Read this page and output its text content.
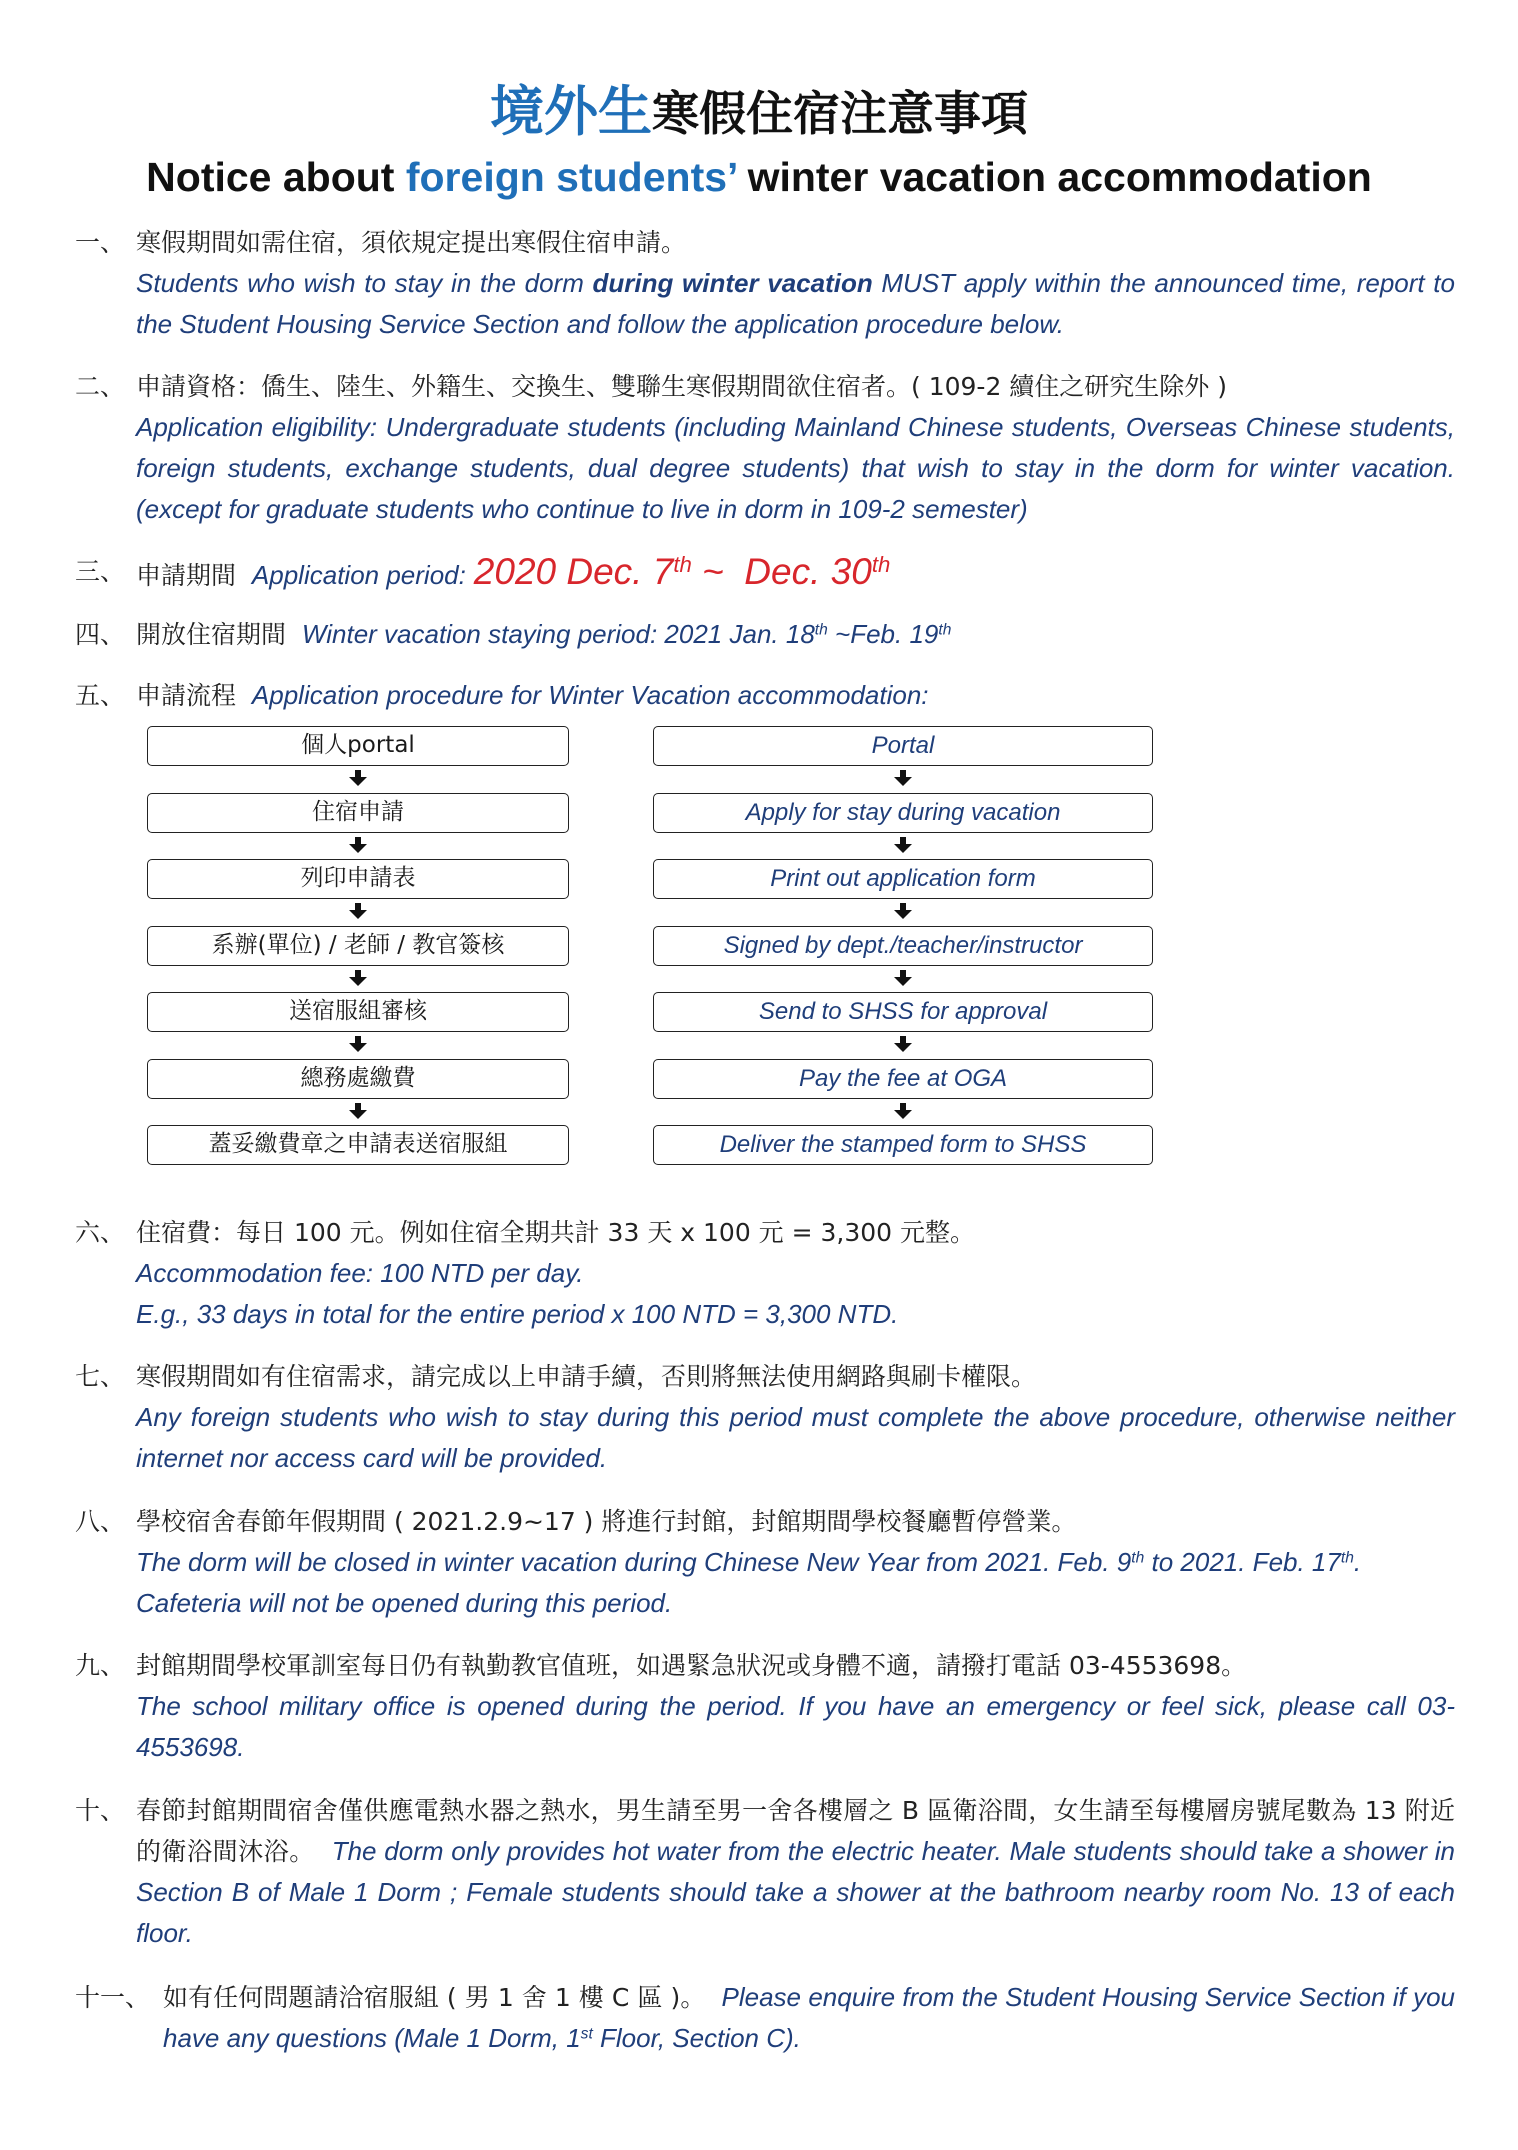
境外生寒假住宿注意事項
Notice about foreign students’ winter vacation accommodation
一、 寒假期間如需住宿，須依規定提出寒假住宿申請。
Students who wish to stay in the dorm during winter vacation MUST apply within the announced time, report to the Student Housing Service Section and follow the application procedure below.
二、 申請資格：僑生、陸生、外籍生、交換生、雙聯生寒假期間欲住宿者。( 109-2 續住之研究生除外 )
Application eligibility: Undergraduate students (including Mainland Chinese students, Overseas Chinese students, foreign students, exchange students, dual degree students) that wish to stay in the dorm for winter vacation. (except for graduate students who continue to live in dorm in 109-2 semester)
三、 申請期間 Application period: 2020 Dec. 7th ~  Dec. 30th
四、 開放住宿期間 Winter vacation staying period: 2021 Jan. 18th ~Feb. 19th
五、 申請流程 Application procedure for Winter Vacation accommodation:
六、 住宿費：每日 100 元。例如住宿全期共計 33 天 x 100 元 = 3,300 元整。
Accommodation fee: 100 NTD per day.
E.g., 33 days in total for the entire period x 100 NTD = 3,300 NTD.
七、 寒假期間如有住宿需求，請完成以上申請手續，否則將無法使用網路與刷卡權限。
Any foreign students who wish to stay during this period must complete the above procedure, otherwise neither internet nor access card will be provided.
八、 學校宿舍春節年假期間 ( 2021.2.9~17 ) 將進行封館，封館期間學校餐廳暫停營業。
The dorm will be closed in winter vacation during Chinese New Year from 2021. Feb. 9th to 2021. Feb. 17th.
Cafeteria will not be opened during this period.
九、 封館期間學校軍訓室每日仍有執勤教官值班，如遇緊急狀況或身體不適，請撥打電話 03-4553698。
The school military office is opened during the period. If you have an emergency or feel sick, please call 03-4553698.
十、 春節封館期間宿舍僅供應電熱水器之熱水，男生請至男一舍各樓層之 B 區衛浴間，女生請至每樓層房號尾數為 13 附近的衛浴間沐浴。 The dorm only provides hot water from the electric heater. Male students should take a shower in Section B of Male 1 Dorm ; Female students should take a shower at the bathroom nearby room No. 13 of each floor.
十一、 如有任何問題請洽宿服組 ( 男 1 舍 1 樓 C 區 )。 Please enquire from the Student Housing Service Section if you have any questions (Male 1 Dorm, 1st Floor, Section C).
個人portal
住宿申請
列印申請表
系辦(單位) / 老師 / 教官簽核
送宿服組審核
總務處繳費
蓋妥繳費章之申請表送宿服組
Portal
Apply for stay during vacation
Print out application form
Signed by dept./teacher/instructor
Send to SHSS for approval
Pay the fee at OGA
Deliver the stamped form to SHSS
